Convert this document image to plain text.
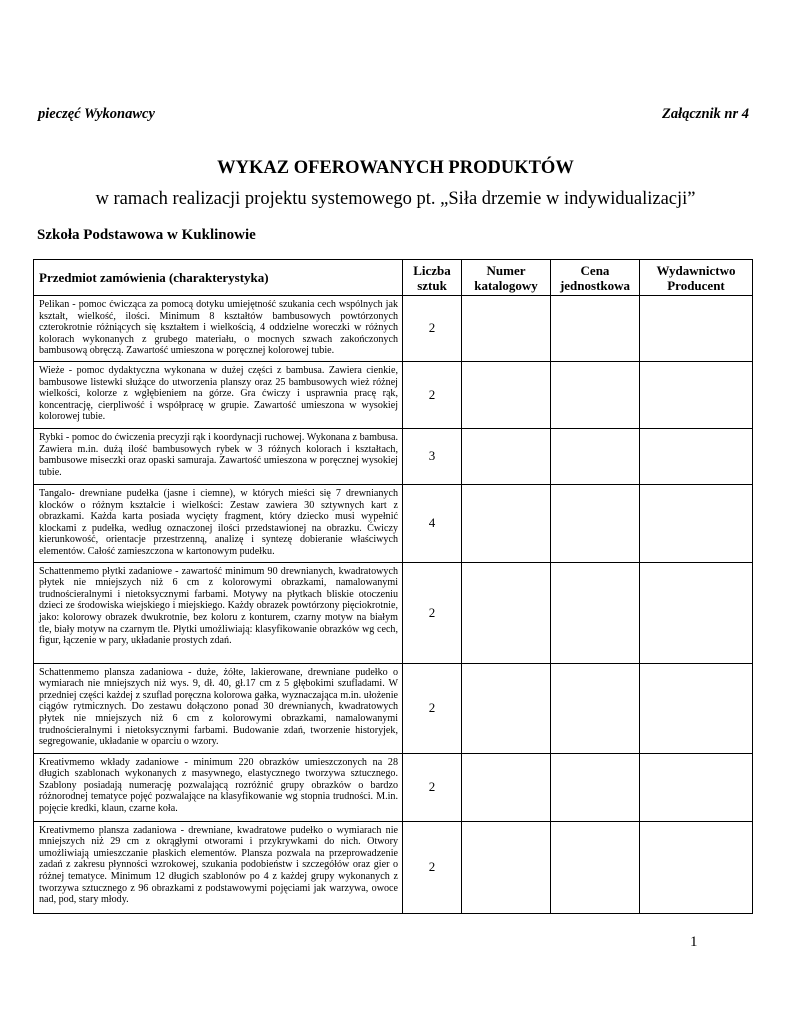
pieczęć Wykonawcy	Załącznik nr 4
WYKAZ OFEROWANYCH PRODUKTÓW
w ramach realizacji projektu systemowego pt. „Siła drzemie w indywidualizacji”
Szkoła Podstawowa w Kuklinowie
Przedmiot zamówienia (charakterystyka)	Liczba sztuk	Numer katalogowy	Cena jednostkowa	Wydawnictwo Producent
Pelikan - pomoc ćwicząca za pomocą dotyku umiejętność szukania cech wspólnych jak kształt, wielkość, ilości. Minimum 8 kształtów bambusowych powtórzonych czterokrotnie różniących się kształtem i wielkością, 4 oddzielne woreczki w różnych kolorach wykonanych z grubego materiału, o mocnych szwach zakończonych bambusową obręczą. Zawartość umieszona w poręcznej kolorowej tubie.	2			
Wieże - pomoc dydaktyczna wykonana w dużej części z bambusa. Zawiera cienkie, bambusowe listewki służące do utworzenia planszy oraz 25 bambusowych wież różnej wielkości, kolorze z wgłębieniem na górze. Gra ćwiczy i usprawnia pracę rąk, koncentrację, cierpliwość i współpracę w grupie. Zawartość umieszona w wysokiej kolorowej tubie.	2			
Rybki - pomoc do ćwiczenia precyzji rąk i koordynacji ruchowej. Wykonana z bambusa. Zawiera m.in. dużą ilość bambusowych rybek w 3 różnych kolorach i kształtach, bambusowe miseczki oraz opaski samuraja. Zawartość umieszona w poręcznej wysokiej tubie.	3			
Tangalo- drewniane pudełka (jasne i ciemne), w których mieści się 7 drewnianych klocków o różnym kształcie i wielkości: Zestaw zawiera 30 sztywnych kart z obrazkami. Każda karta posiada wycięty fragment, który dziecko musi wypełnić klockami z pudełka, według oznaczonej ilości przedstawionej na obrazku. Ćwiczy kierunkowość, orientacje przestrzenną, analizę i syntezę dobieranie właściwych elementów. Całość zamieszczona w kartonowym pudełku.	4			
Schattenmemo płytki zadaniowe - zawartość minimum 90 drewnianych, kwadratowych płytek nie mniejszych niż 6 cm z kolorowymi obrazkami, namalowanymi trudnościeralnymi i nietoksycznymi farbami. Motywy na płytkach bliskie otoczeniu dzieci ze środowiska wiejskiego i miejskiego. Każdy obrazek powtórzony pięciokrotnie, jako: kolorowy obrazek dwukrotnie, bez koloru z konturem, czarny motyw na białym tle, biały motyw na czarnym tle. Płytki umożliwiają: klasyfikowanie obrazków wg cech, figur, łączenie w pary, układanie prostych zdań.	2			
Schattenmemo plansza zadaniowa - duże, żółte, lakierowane, drewniane pudełko o wymiarach nie mniejszych niż wys. 9, dł. 40, gł.17 cm z 5 głębokimi szufladami. W przedniej części każdej z szuflad poręczna kolorowa gałka, wyznaczająca m.in. ułożenie ciągów rytmicznych. Do zestawu dołączono ponad 30 drewnianych, kwadratowych płytek nie mniejszych niż 6 cm z kolorowymi obrazkami, namalowanymi trudnościeralnymi i nietoksycznymi farbami. Budowanie zdań, tworzenie historyjek, segregowanie, układanie w oparciu o wzory.	2			
Kreativmemo wkłady zadaniowe - minimum 220 obrazków umieszczonych na 28 długich szablonach wykonanych z masywnego, elastycznego tworzywa sztucznego. Szablony posiadają numerację pozwalającą rozróżnić grupy obrazków o bardzo różnorodnej tematyce pojęć pozwalające na klasyfikowanie wg stopnia trudności. M.in. pojęcie kredki, klaun, czarne koła.	2			
Kreativmemo plansza zadaniowa - drewniane, kwadratowe pudełko o wymiarach nie mniejszych niż 29 cm z okrągłymi otworami i przykrywkami do nich. Otwory umożliwiają umieszczanie płaskich elementów. Plansza pozwala na przeprowadzenie zadań z zakresu płynności wzrokowej, szukania podobieństw i szczegółów oraz gier o różnej tematyce. Minimum 12 długich szablonów po 4 z każdej grupy wykonanych z tworzywa sztucznego z 96 obrazkami z podstawowymi pojęciami jak warzywa, owoce nad, pod, stary młody.	2			
1
